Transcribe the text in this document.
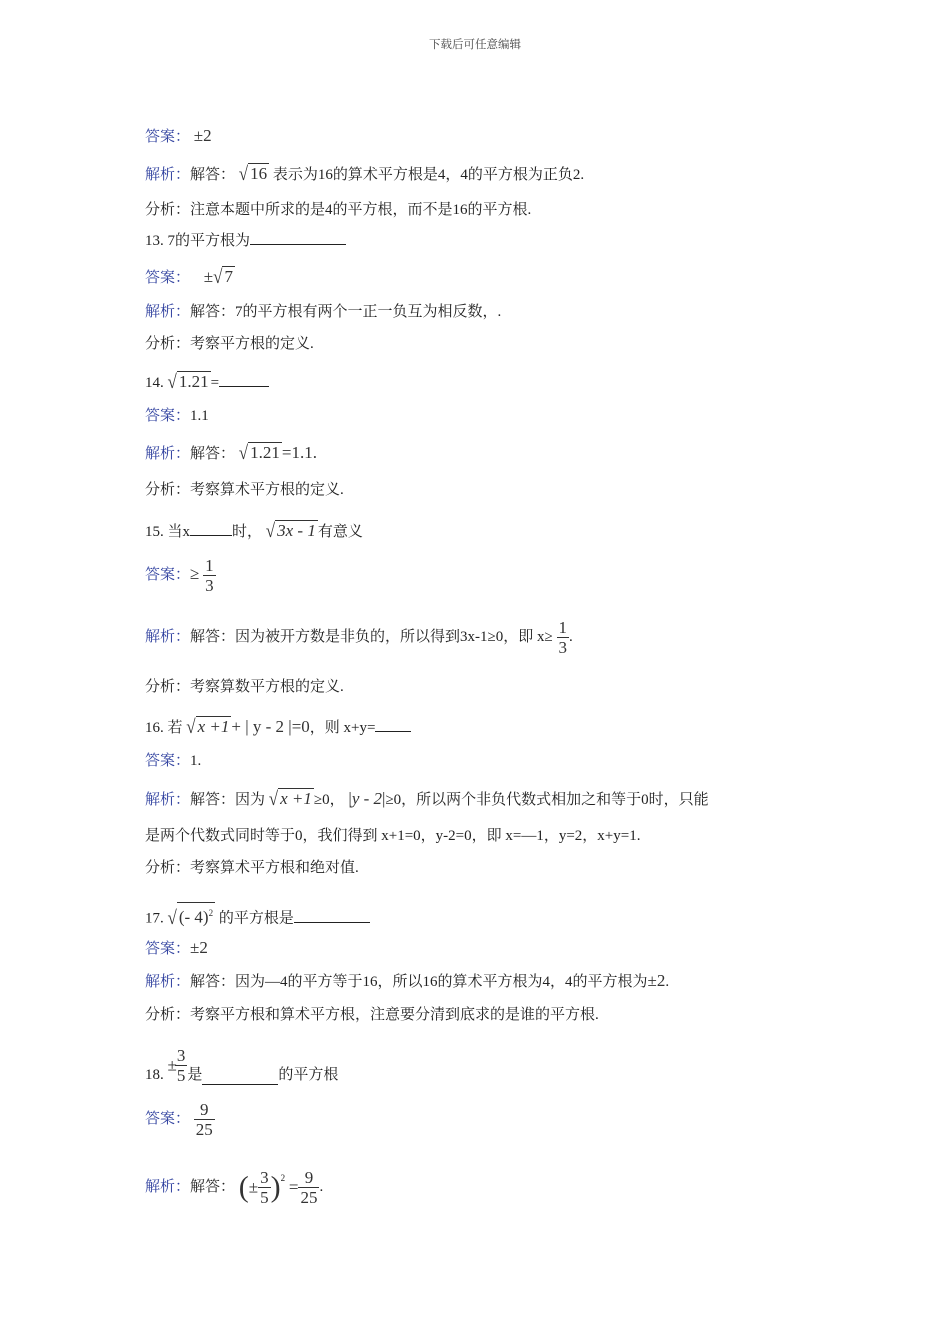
下载后可任意编辑
答案： ±2
解析：解答： √ 16 表示为16的算术平方根是4，4的平方根为正负2.
分析：注意本题中所求的是4的平方根，而不是16的平方根.
13. 7的平方根为
答案： ±√ 7
解析：解答：7的平方根有两个一正一负互为相反数，.
分析：考察平方根的定义.
14. √ 1.21 =
答案：1.1
解析：解答： √ 1.21 =1.1.
分析：考察算术平方根的定义.
15. 当x	时， √ 3x - 1 有意义
答案：≥ $\frac{1}{3}$
解析：解答：因为被开方数是非负的，所以得到3x-1≥0，即 $x\ge \frac{1}{3}$ .
分析：考察算数平方根的定义.
16. 若 √ x +1 + | y - 2 |=0，则 x+y=
答案：1.
解析：解答：因为 √ x +1 ≥0， |y - 2|≥0，所以两个非负代数式相加之和等于0时，只能
是两个代数式同时等于0，我们得到 x+1=0，y-2=0，即 x=—1，y=2，x+y=1.
分析：考察算术平方根和绝对值.
17. √ (- 4)$^2$ 的平方根是
答案：±2
解析：解答：因为—4的平方等于16，所以16的算术平方根为4，4的平方根为±2.
分析：考察平方根和算术平方根，注意要分清到底求的是谁的平方根.
18. ±
$\frac{3}{5}$ 是	的平方根
答案： $\frac{9}{25}$
解析：解答： (± $\frac{3}{5} )^2 = \frac{9}{25}$ .
